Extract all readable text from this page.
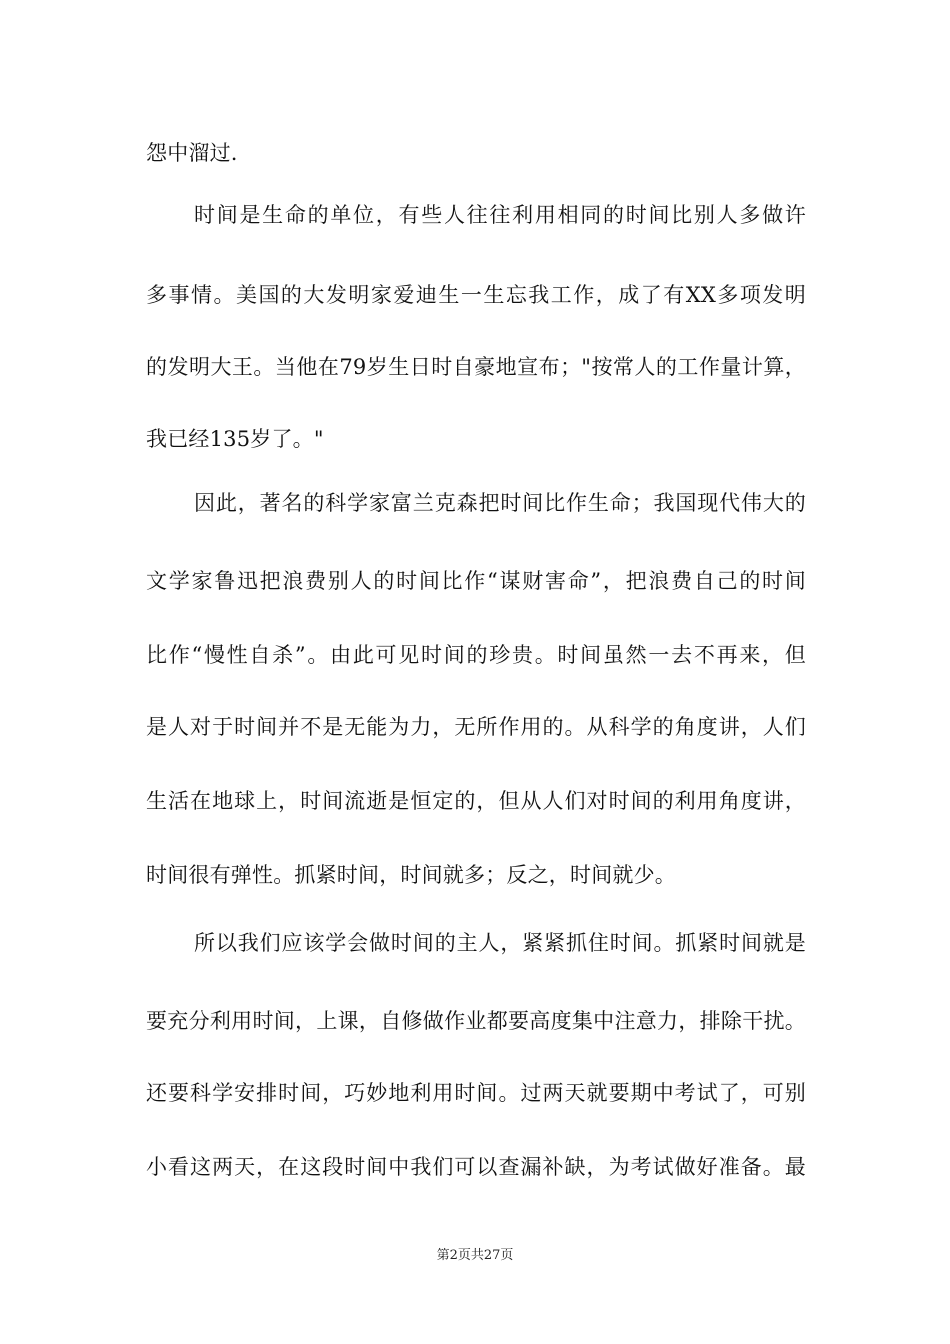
怨中溜过.
时间是生命的单位，有些人往往利用相同的时间比别人多做许
多事情。美国的大发明家爱迪生一生忘我工作，成了有XX多项发明
的发明大王。当他在79岁生日时自豪地宣布；"按常人的工作量计算，
我已经135岁了。"
因此，著名的科学家富兰克森把时间比作生命；我国现代伟大的
文学家鲁迅把浪费别人的时间比作“谋财害命”，把浪费自己的时间
比作“慢性自杀”。由此可见时间的珍贵。时间虽然一去不再来，但
是人对于时间并不是无能为力，无所作用的。从科学的角度讲，人们
生活在地球上，时间流逝是恒定的，但从人们对时间的利用角度讲，
时间很有弹性。抓紧时间，时间就多；反之，时间就少。
所以我们应该学会做时间的主人，紧紧抓住时间。抓紧时间就是
要充分利用时间，上课，自修做作业都要高度集中注意力，排除干扰。
还要科学安排时间，巧妙地利用时间。过两天就要期中考试了，可别
小看这两天，在这段时间中我们可以查漏补缺，为考试做好准备。最
第2页共27页
